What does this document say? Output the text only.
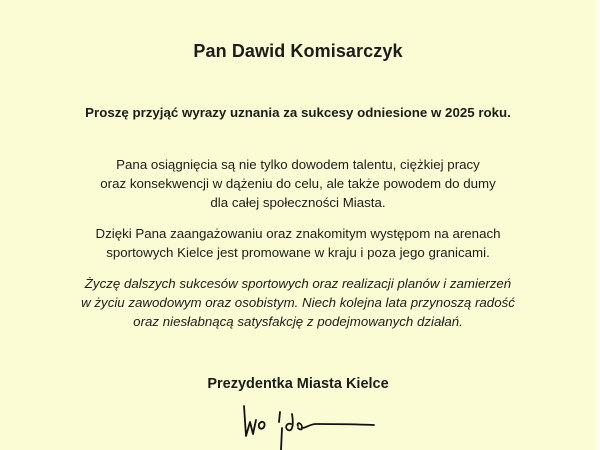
Pan Dawid Komisarczyk
Proszę przyjąć wyrazy uznania za sukcesy odniesione w 2025 roku.
Pana osiągnięcia są nie tylko dowodem talentu, ciężkiej pracy
oraz konsekwencji w dążeniu do celu, ale także powodem do dumy
dla całej społeczności Miasta.
Dzięki Pana zaangażowaniu oraz znakomitym występom na arenach
sportowych Kielce jest promowane w kraju i poza jego granicami.
Życzę dalszych sukcesów sportowych oraz realizacji planów i zamierzeń
w życiu zawodowym oraz osobistym. Niech kolejna lata przynoszą radość
oraz niesłabnącą satysfakcję z podejmowanych działań.
Prezydentka Miasta Kielce
